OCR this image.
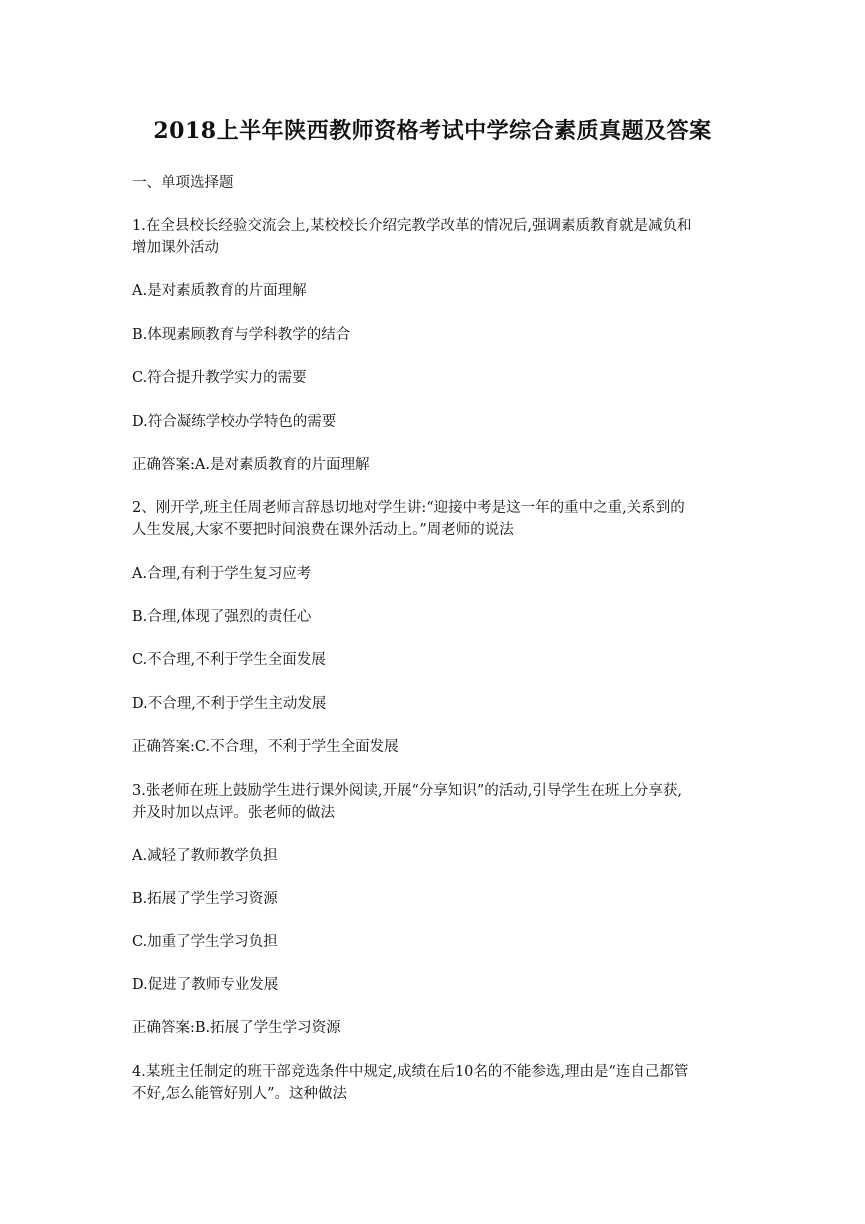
2018上半年陕西教师资格考试中学综合素质真题及答案

一、单项选择题

1.在全县校长经验交流会上,某校校长介绍完教学改革的情况后,强调素质教育就是减负和

增加课外活动

A.是对素质教育的片面理解

B.体现素顾教育与学科教学的结合

C.符合提升教学实力的需要

D.符合凝练学校办学特色的需要

正确答案:A.是对素质教育的片面理解

2、刚开学,班主任周老师言辞恳切地对学生讲:“迎接中考是这一年的重中之重,关系到的

人生发展,大家不要把时间浪费在课外活动上。”周老师的说法

A.合理,有利于学生复习应考

B.合理,体现了强烈的责任心

C.不合理,不利于学生全面发展

D.不合理,不利于学生主动发展

正确答案:C.不合理，不利于学生全面发展

3.张老师在班上鼓励学生进行课外阅读,开展“分享知识”的活动,引导学生在班上分享获,

并及时加以点评。张老师的做法

A.减轻了教师教学负担

B.拓展了学生学习资源

C.加重了学生学习负担

D.促进了教师专业发展

正确答案:B.拓展了学生学习资源

4.某班主任制定的班干部竞选条件中规定,成绩在后10名的不能参选,理由是“连自己都管

不好,怎么能管好别人”。这种做法
